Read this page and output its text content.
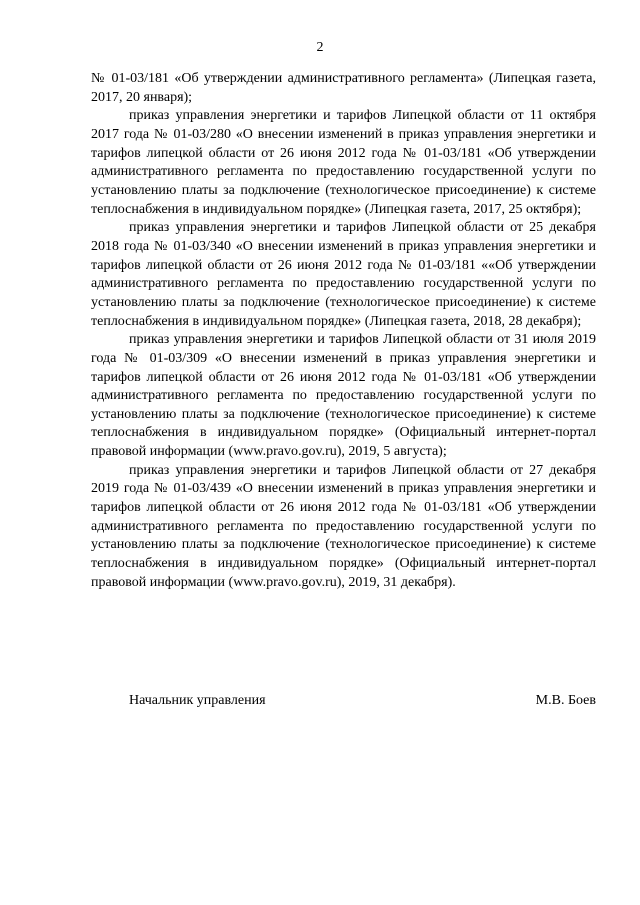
2

№ 01-03/181 «Об утверждении административного регламента» (Липецкая газета, 2017, 20 января);

приказ управления энергетики и тарифов Липецкой области от 11 октября 2017 года № 01-03/280 «О внесении изменений в приказ управления энергетики и тарифов липецкой области от 26 июня 2012 года № 01-03/181 «Об утверждении административного регламента по предоставлению государственной услуги по установлению платы за подключение (технологическое присоединение) к системе теплоснабжения в индивидуальном порядке» (Липецкая газета, 2017, 25 октября);

приказ управления энергетики и тарифов Липецкой области от 25 декабря 2018 года № 01-03/340 «О внесении изменений в приказ управления энергетики и тарифов липецкой области от 26 июня 2012 года № 01-03/181 ««Об утверждении административного регламента по предоставлению государственной услуги по установлению платы за подключение (технологическое присоединение) к системе теплоснабжения в индивидуальном порядке» (Липецкая газета, 2018, 28 декабря);

приказ управления энергетики и тарифов Липецкой области от 31 июля 2019 года № 01-03/309 «О внесении изменений в приказ управления энергетики и тарифов липецкой области от 26 июня 2012 года № 01-03/181 «Об утверждении административного регламента по предоставлению государственной услуги по установлению платы за подключение (технологическое присоединение) к системе теплоснабжения в индивидуальном порядке» (Официальный интернет-портал правовой информации (www.pravo.gov.ru), 2019, 5 августа);

приказ управления энергетики и тарифов Липецкой области от 27 декабря 2019 года № 01-03/439 «О внесении изменений в приказ управления энергетики и тарифов липецкой области от 26 июня 2012 года № 01-03/181 «Об утверждении административного регламента по предоставлению государственной услуги по установлению платы за подключение (технологическое присоединение) к системе теплоснабжения в индивидуальном порядке» (Официальный интернет-портал правовой информации (www.pravo.gov.ru), 2019, 31 декабря).

Начальник управления	М.В. Боев
